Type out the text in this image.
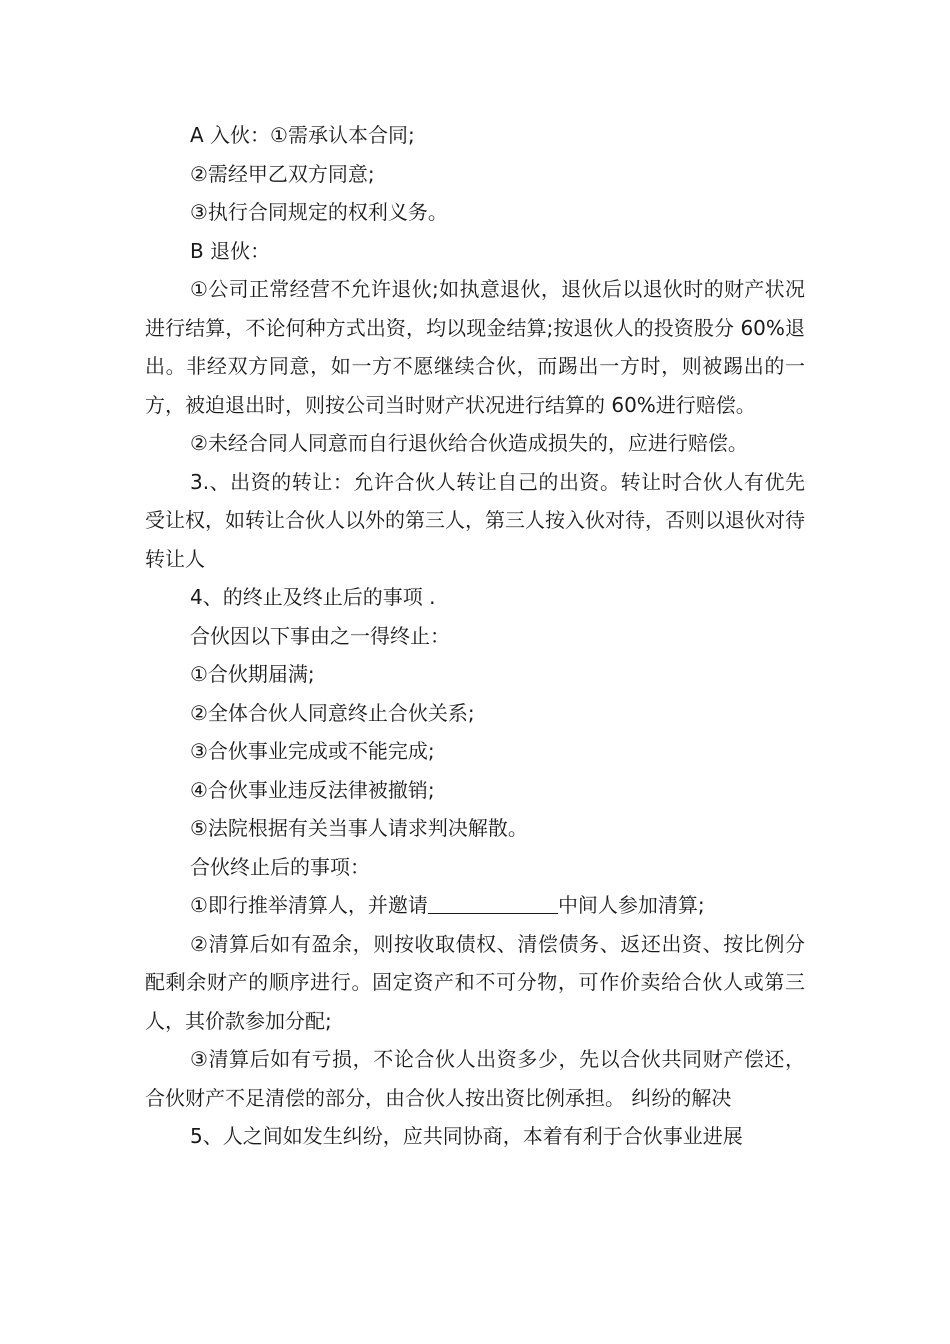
A 入伙：①需承认本合同;

②需经甲乙双方同意;

③执行合同规定的权利义务。

B 退伙：

①公司正常经营不允许退伙;如执意退伙，退伙后以退伙时的财产状况进行结算，不论何种方式出资，均以现金结算;按退伙人的投资股分 60%退出。非经双方同意，如一方不愿继续合伙，而踢出一方时，则被踢出的一方，被迫退出时，则按公司当时财产状况进行结算的 60%进行赔偿。

②未经合同人同意而自行退伙给合伙造成损失的，应进行赔偿。

3.、出资的转让：允许合伙人转让自己的出资。转让时合伙人有优先受让权，如转让合伙人以外的第三人，第三人按入伙对待，否则以退伙对待转让人

4、的终止及终止后的事项 .

合伙因以下事由之一得终止：

①合伙期届满;

②全体合伙人同意终止合伙关系;

③合伙事业完成或不能完成;

④合伙事业违反法律被撤销;

⑤法院根据有关当事人请求判决解散。

合伙终止后的事项：

①即行推举清算人，并邀请	中间人参加清算;

②清算后如有盈余，则按收取债权、清偿债务、返还出资、按比例分配剩余财产的顺序进行。固定资产和不可分物，可作价卖给合伙人或第三人，其价款参加分配;

③清算后如有亏损，不论合伙人出资多少，先以合伙共同财产偿还，合伙财产不足清偿的部分，由合伙人按出资比例承担。 纠纷的解决

5、人之间如发生纠纷，应共同协商，本着有利于合伙事业进展
